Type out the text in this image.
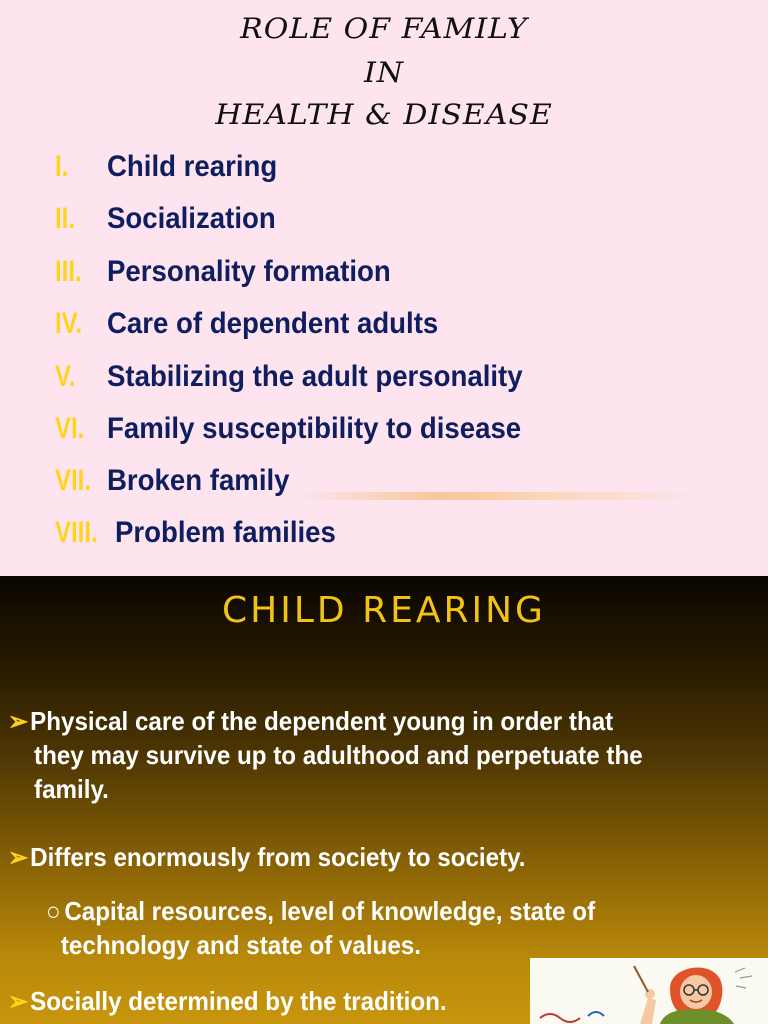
ROLE OF FAMILY
IN
HEALTH & DISEASE
I. Child rearing
II. Socialization
III. Personality formation
IV. Care of dependent adults
V. Stabilizing the adult personality
VI. Family susceptibility to disease
VII. Broken family
VIII. Problem families
CHILD REARING
➢Physical care of the dependent young in order that
they may survive up to adulthood and perpetuate the
family.
➢Differs enormously from society to society.
○ Capital resources, level of knowledge, state of
technology and state of values.
➢Socially determined by the tradition.
